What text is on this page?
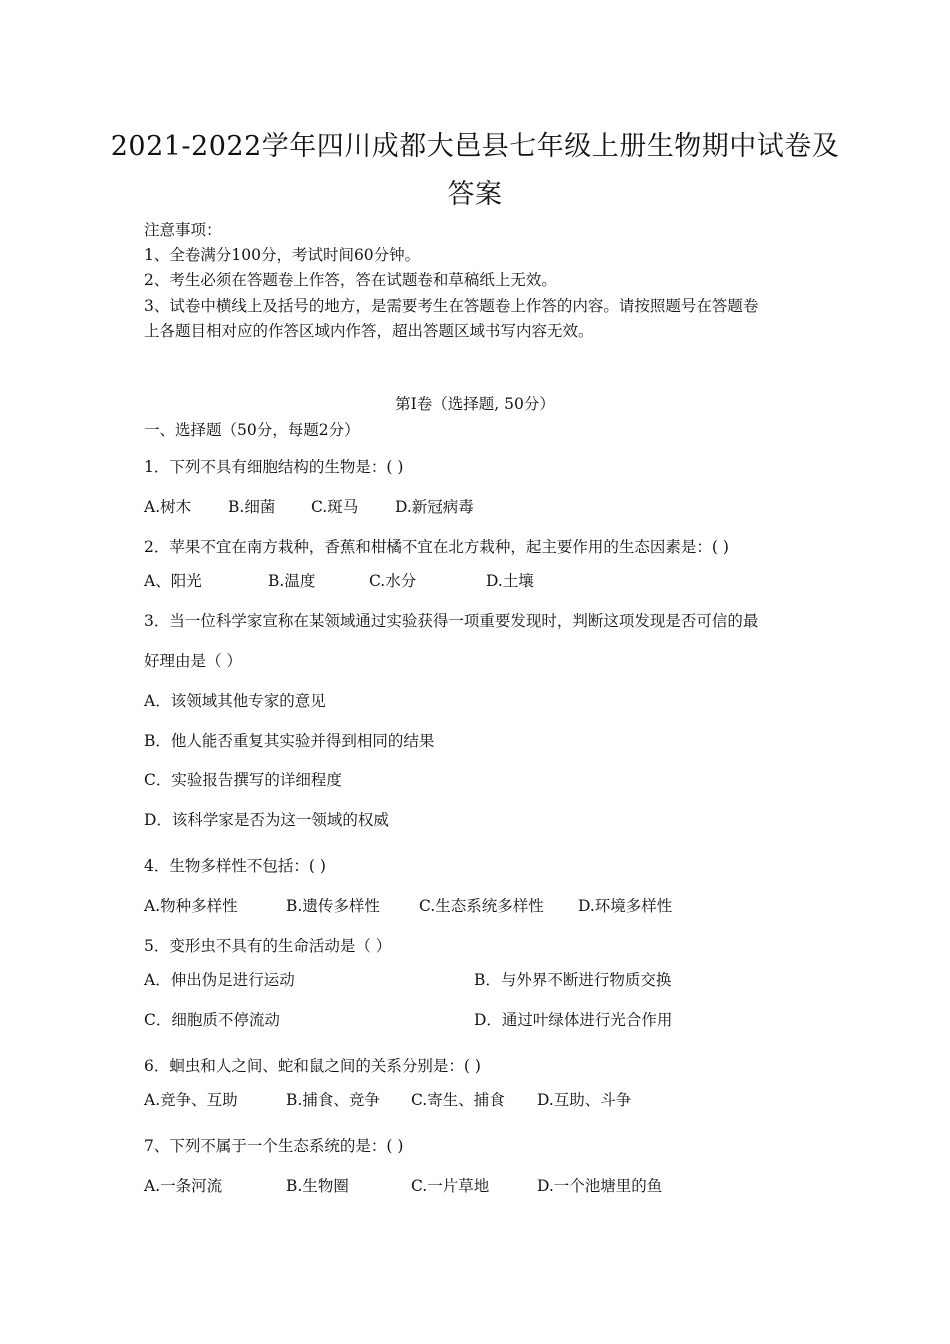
2021-2022学年四川成都大邑县七年级上册生物期中试卷及
答案
注意事项：
1、全卷满分100分，考试时间60分钟。
2、考生必须在答题卷上作答，答在试题卷和草稿纸上无效。
3、试卷中横线上及括号的地方，是需要考生在答题卷上作答的内容。请按照题号在答题卷
上各题目相对应的作答区域内作答，超出答题区域书写内容无效。
第Ⅰ卷（选择题, 50分）
一、选择题（50分，每题2分）
1．下列不具有细胞结构的生物是：( )
A.树木 B.细菌 C.斑马 D.新冠病毒
2．苹果不宜在南方栽种，香蕉和柑橘不宜在北方栽种，起主要作用的生态因素是：( )
A、阳光	B.温度	C.水分	D.土壤
3．当一位科学家宣称在某领域通过实验获得一项重要发现时，判断这项发现是否可信的最
好理由是（ ）
A．该领域其他专家的意见
B．他人能否重复其实验并得到相同的结果
C．实验报告撰写的详细程度
D．该科学家是否为这一领域的权威
4．生物多样性不包括：( )
A.物种多样性	B.遗传多样性	C.生态系统多样性 D.环境多样性
5．变形虫不具有的生命活动是（ ）
A．伸出伪足进行运动	B．与外界不断进行物质交换
C．细胞质不停流动	D．通过叶绿体进行光合作用
6．蛔虫和人之间、蛇和鼠之间的关系分别是：( )
A.竞争、互助	B.捕食、竞争 C.寄生、捕食 D.互助、斗争
7、下列不属于一个生态系统的是：( )
A.一条河流	B.生物圈	C.一片草地	D.一个池塘里的鱼
